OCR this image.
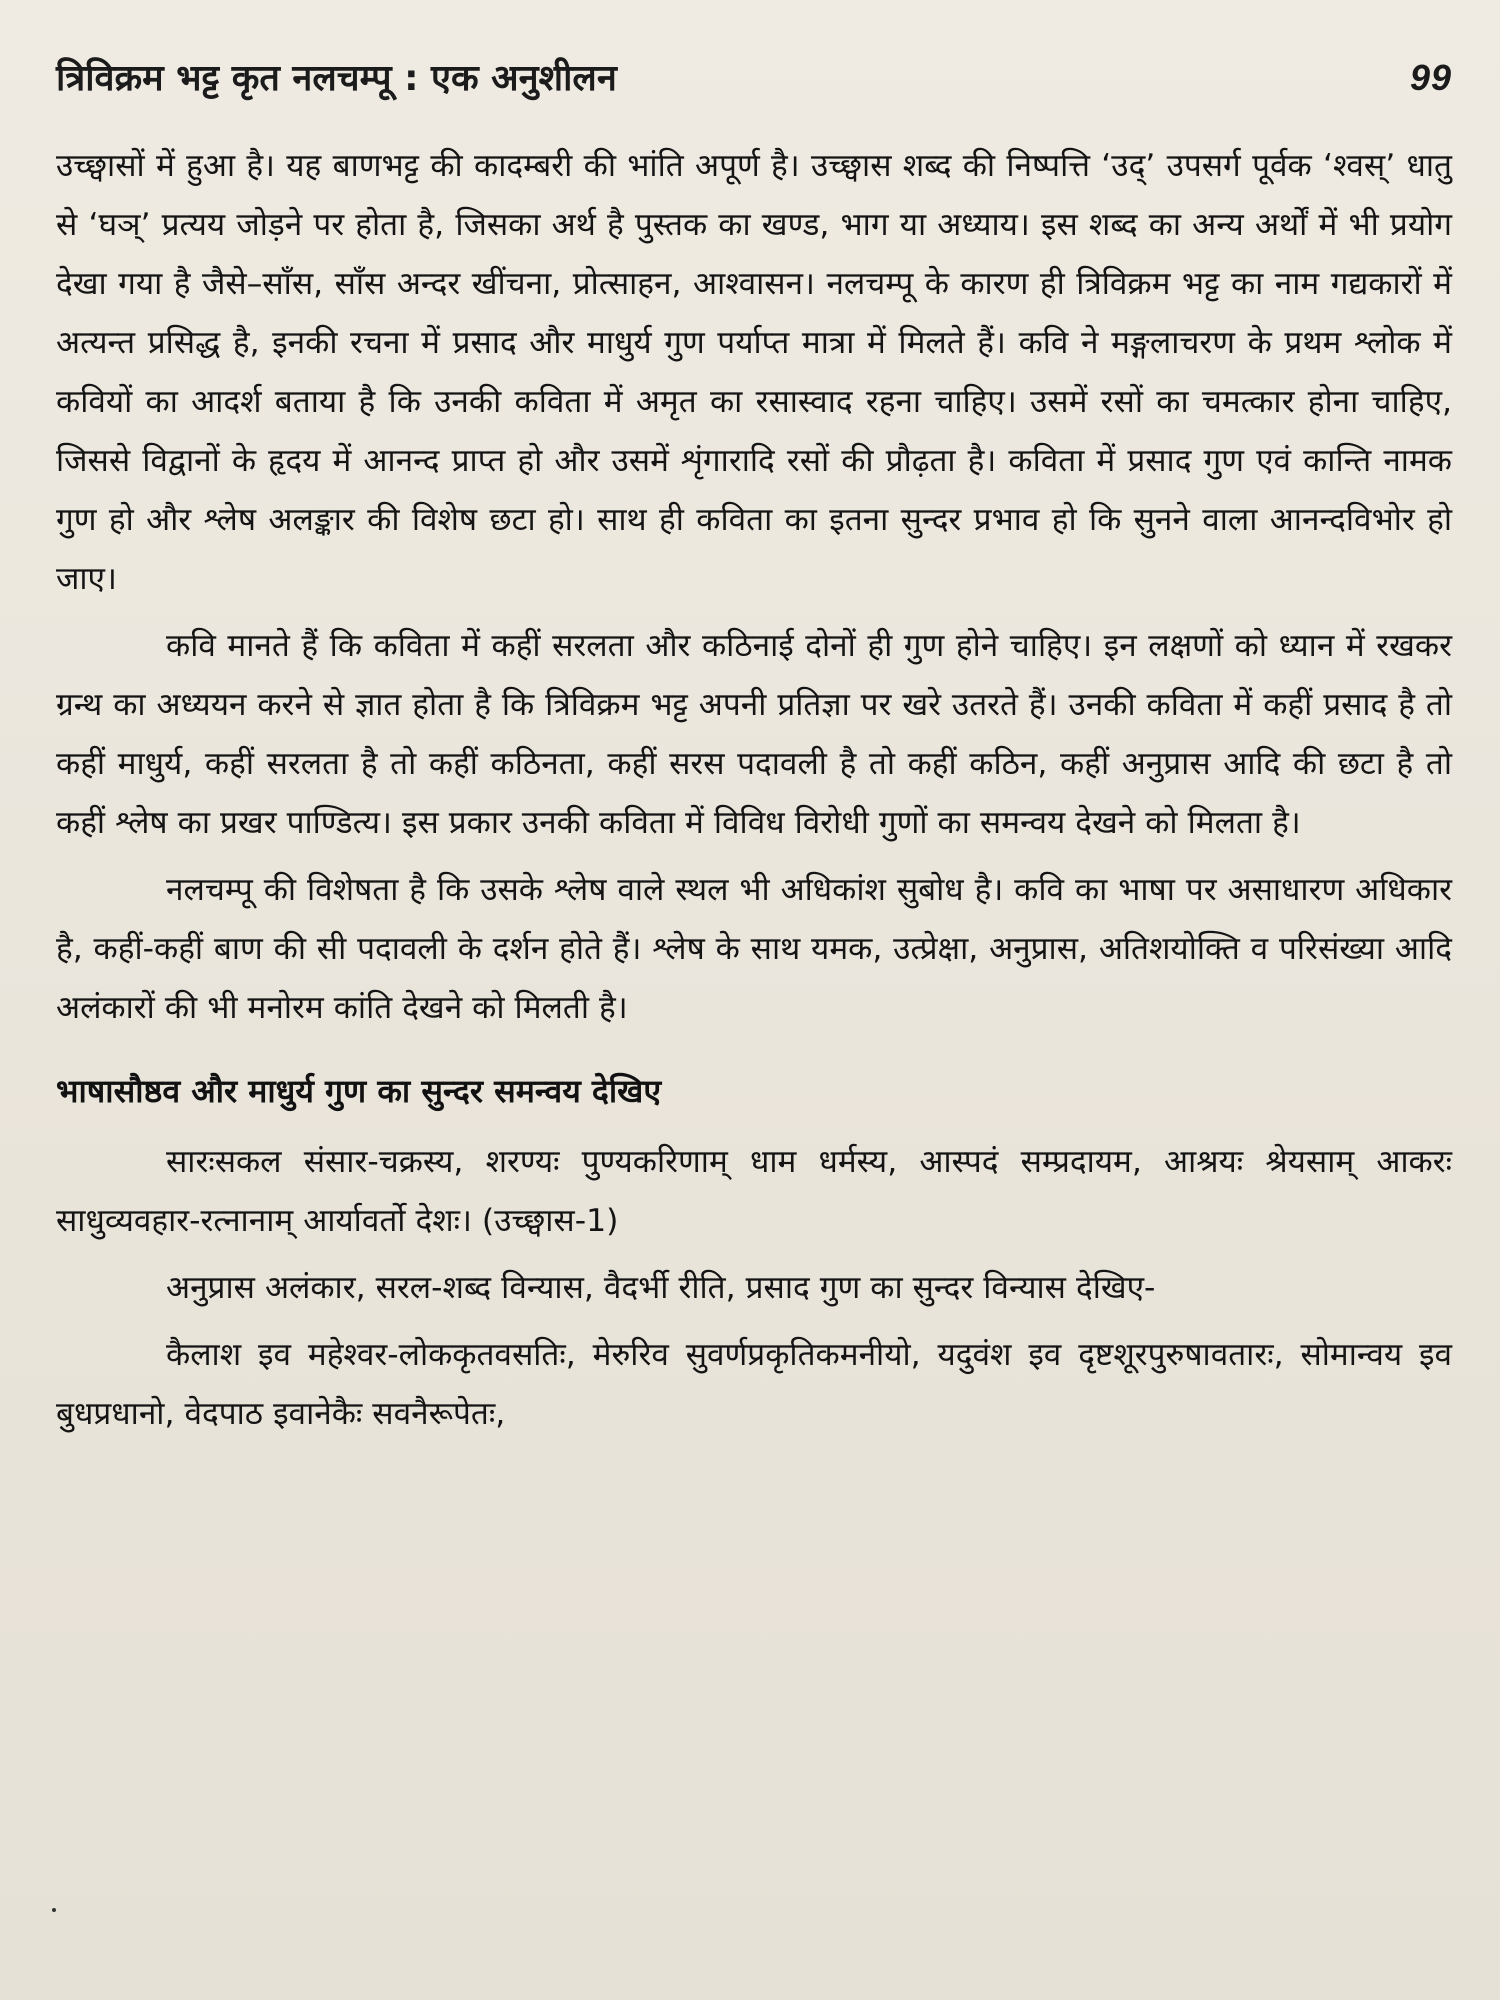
त्रिविक्रम भट्ट कृत नलचम्पू : एक अनुशीलन	99

उच्छ्वासों में हुआ है। यह बाणभट्ट की कादम्बरी की भांति अपूर्ण है। उच्छ्वास शब्द की निष्पत्ति ‘उद्’ उपसर्ग पूर्वक ‘श्वस्’ धातु से ‘घञ्’ प्रत्यय जोड़ने पर होता है, जिसका अर्थ है पुस्तक का खण्ड, भाग या अध्याय। इस शब्द का अन्य अर्थों में भी प्रयोग देखा गया है जैसे–साँस, साँस अन्दर खींचना, प्रोत्साहन, आश्वासन। नलचम्पू के कारण ही त्रिविक्रम भट्ट का नाम गद्यकारों में अत्यन्त प्रसिद्ध है, इनकी रचना में प्रसाद और माधुर्य गुण पर्याप्त मात्रा में मिलते हैं। कवि ने मङ्गलाचरण के प्रथम श्लोक में कवियों का आदर्श बताया है कि उनकी कविता में अमृत का रसास्वाद रहना चाहिए। उसमें रसों का चमत्कार होना चाहिए, जिससे विद्वानों के हृदय में आनन्द प्राप्त हो और उसमें शृंगारादि रसों की प्रौढ़ता है। कविता में प्रसाद गुण एवं कान्ति नामक गुण हो और श्लेष अलङ्कार की विशेष छटा हो। साथ ही कविता का इतना सुन्दर प्रभाव हो कि सुनने वाला आनन्दविभोर हो जाए।

कवि मानते हैं कि कविता में कहीं सरलता और कठिनाई दोनों ही गुण होने चाहिए। इन लक्षणों को ध्यान में रखकर ग्रन्थ का अध्ययन करने से ज्ञात होता है कि त्रिविक्रम भट्ट अपनी प्रतिज्ञा पर खरे उतरते हैं। उनकी कविता में कहीं प्रसाद है तो कहीं माधुर्य, कहीं सरलता है तो कहीं कठिनता, कहीं सरस पदावली है तो कहीं कठिन, कहीं अनुप्रास आदि की छटा है तो कहीं श्लेष का प्रखर पाण्डित्य। इस प्रकार उनकी कविता में विविध विरोधी गुणों का समन्वय देखने को मिलता है।

नलचम्पू की विशेषता है कि उसके श्लेष वाले स्थल भी अधिकांश सुबोध है। कवि का भाषा पर असाधारण अधिकार है, कहीं-कहीं बाण की सी पदावली के दर्शन होते हैं। श्लेष के साथ यमक, उत्प्रेक्षा, अनुप्रास, अतिशयोक्ति व परिसंख्या आदि अलंकारों की भी मनोरम कांति देखने को मिलती है।

भाषासौष्ठव और माधुर्य गुण का सुन्दर समन्वय देखिए

सारःसकल संसार-चक्रस्य, शरण्यः पुण्यकरिणाम् धाम धर्मस्य, आस्पदं सम्प्रदायम, आश्रयः श्रेयसाम् आकरः साधुव्यवहार-रत्नानाम् आर्यावर्तो देशः। (उच्छ्वास-1)

अनुप्रास अलंकार, सरल-शब्द विन्यास, वैदर्भी रीति, प्रसाद गुण का सुन्दर विन्यास देखिए-

कैलाश इव महेश्वर-लोककृतवसतिः, मेरुरिव सुवर्णप्रकृतिकमनीयो, यदुवंश इव दृष्टशूरपुरुषावतारः, सोमान्वय इव बुधप्रधानो, वेदपाठ इवानेकैः सवनैरूपेतः,
